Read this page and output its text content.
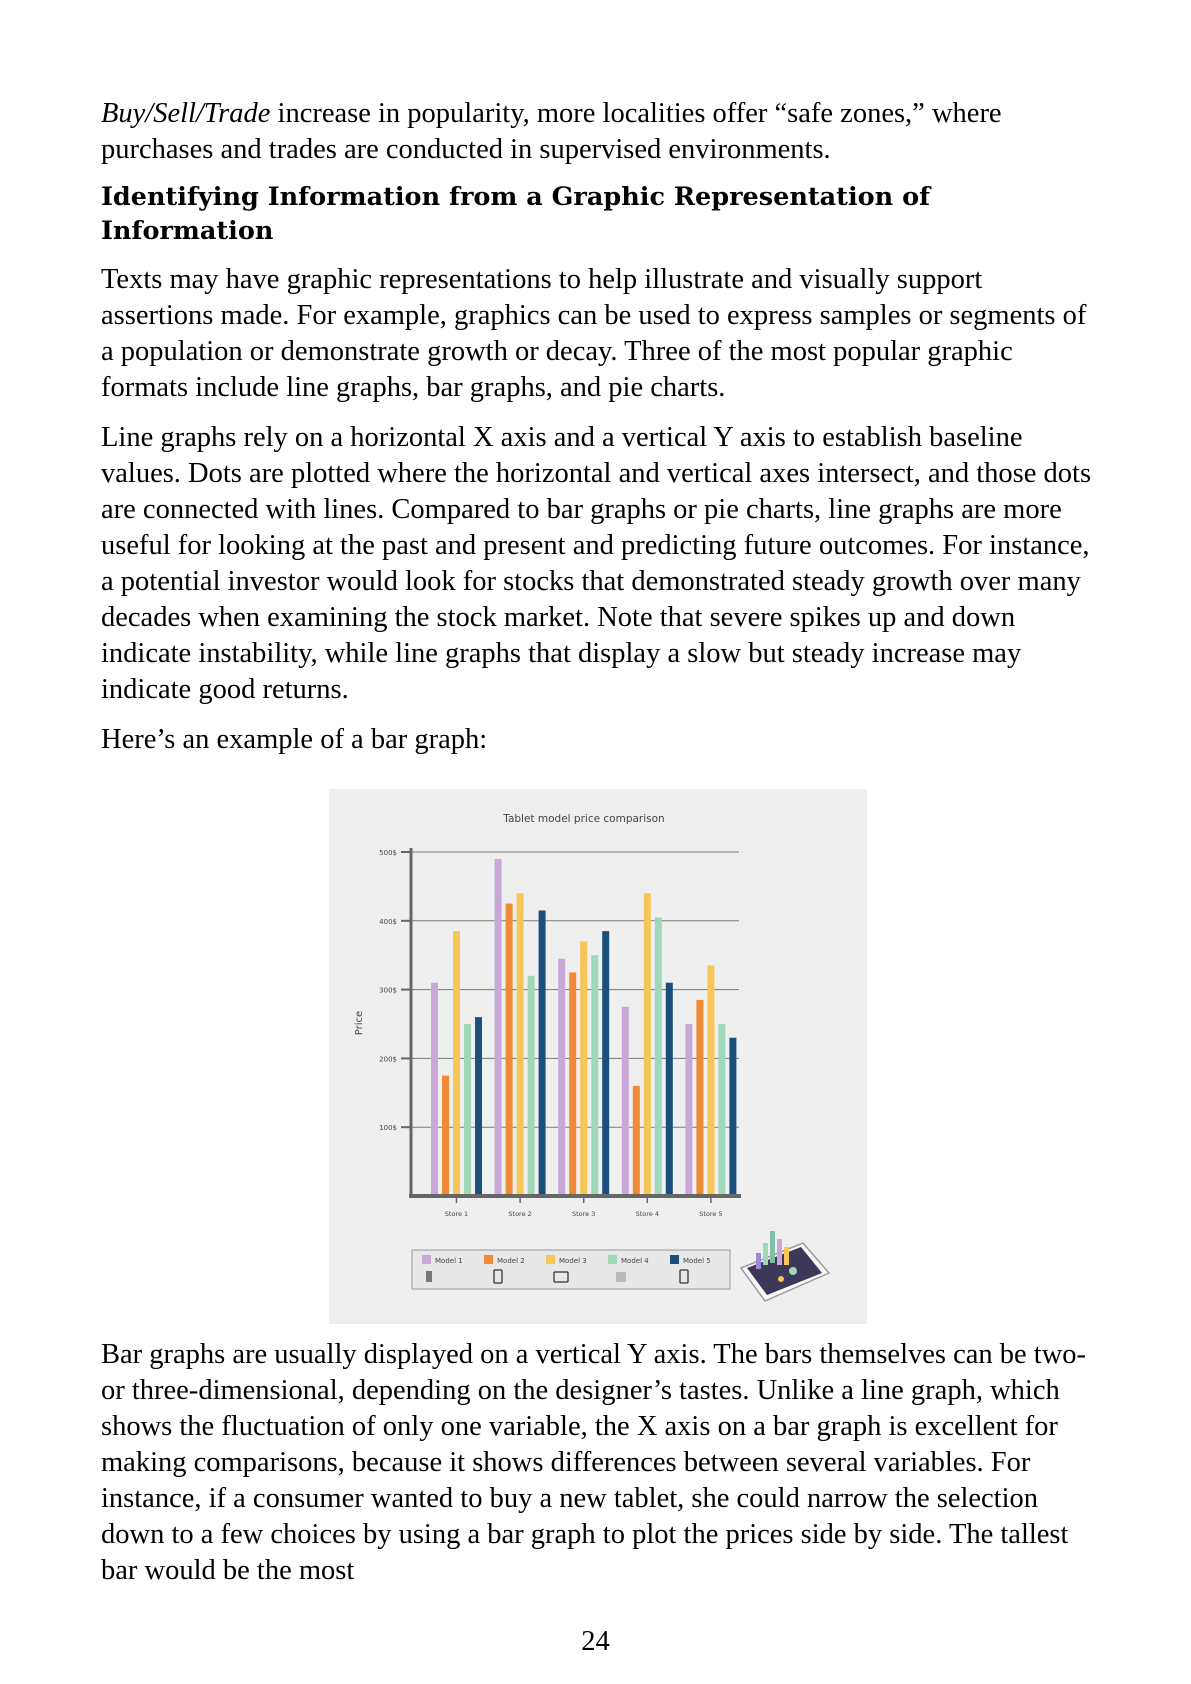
Buy/Sell/Trade increase in popularity, more localities offer “safe zones,” where purchases and trades are conducted in supervised environments.

Identifying Information from a Graphic Representation of Information

Texts may have graphic representations to help illustrate and visually support assertions made. For example, graphics can be used to express samples or segments of a population or demonstrate growth or decay. Three of the most popular graphic formats include line graphs, bar graphs, and pie charts.

Line graphs rely on a horizontal X axis and a vertical Y axis to establish baseline values. Dots are plotted where the horizontal and vertical axes intersect, and those dots are connected with lines. Compared to bar graphs or pie charts, line graphs are more useful for looking at the past and present and predicting future outcomes. For instance, a potential investor would look for stocks that demonstrated steady growth over many decades when examining the stock market. Note that severe spikes up and down indicate instability, while line graphs that display a slow but steady increase may indicate good returns.

Here’s an example of a bar graph:

Tablet model price comparison
Price
100$
200$
300$
400$
500$
Store 1	Store 2	Store 3	Store 4	Store 5
Model 1	Model 2	Model 3	Model 4	Model 5

Bar graphs are usually displayed on a vertical Y axis. The bars themselves can be two- or three-dimensional, depending on the designer’s tastes. Unlike a line graph, which shows the fluctuation of only one variable, the X axis on a bar graph is excellent for making comparisons, because it shows differences between several variables. For instance, if a consumer wanted to buy a new tablet, she could narrow the selection down to a few choices by using a bar graph to plot the prices side by side. The tallest bar would be the most

24
